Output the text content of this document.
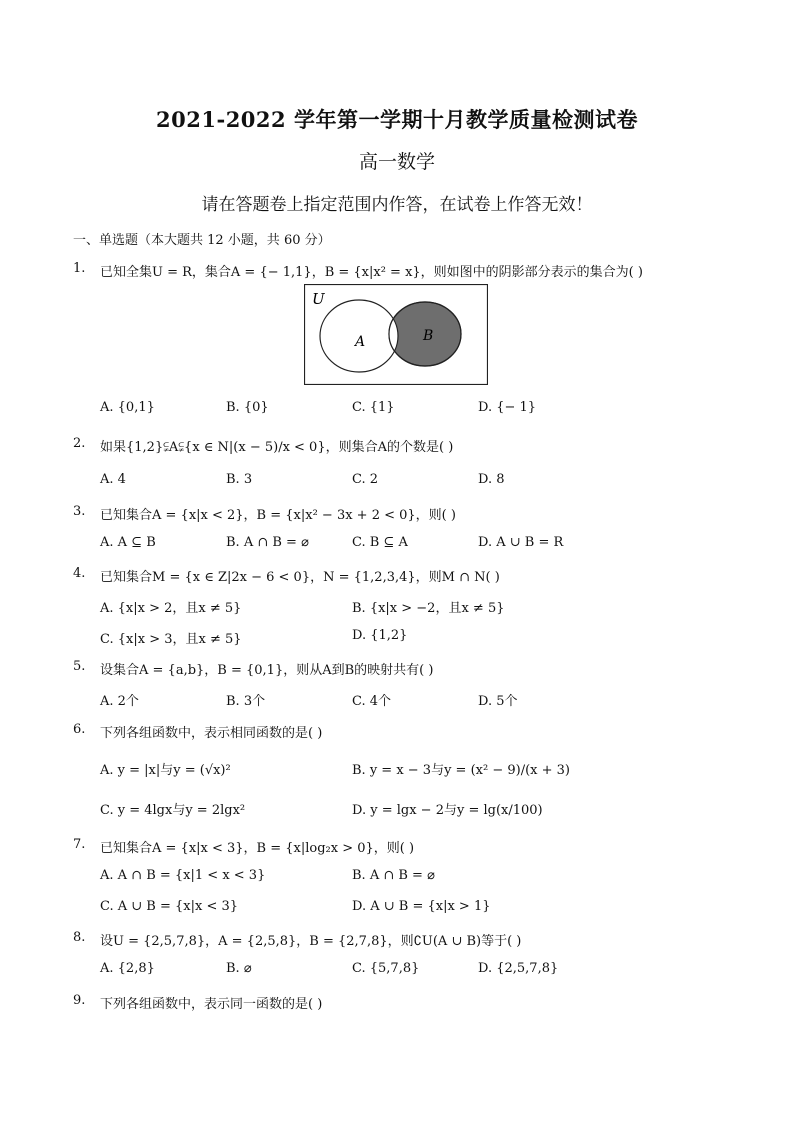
2021-2022 学年第一学期十月教学质量检测试卷
高一数学
请在答题卷上指定范围内作答，在试卷上作答无效！
一、单选题（本大题共 12 小题，共 60 分）
1. 已知全集U = R，集合A = {− 1,1}，B = {x|x² = x}，则如图中的阴影部分表示的集合为( )
U
A	B
A. {0,1}	B. {0}	C. {1}	D. {− 1}
2. 如果{1,2}⫋A⫋{x ∈ N|(x − 5)/x < 0}，则集合A的个数是( )
A. 4	B. 3	C. 2	D. 8
3. 已知集合A = {x|x < 2}，B = {x|x² − 3x + 2 < 0}，则( )
A. A ⊆ B	B. A ∩ B = ⌀	C. B ⊆ A	D. A ∪ B = R
4. 已知集合M = {x ∈ Z|2x − 6 < 0}，N = {1,2,3,4}，则M ∩ N( )
A. {x|x > 2，且x ≠ 5}	B. {x|x > −2，且x ≠ 5}
C. {x|x > 3，且x ≠ 5}	D. {1,2}
5. 设集合A = {a,b}，B = {0,1}，则从A到B的映射共有( )
A. 2个	B. 3个	C. 4个	D. 5个
6. 下列各组函数中，表示相同函数的是( )
A. y = |x|与y = (√x)²	B. y = x − 3与y = (x² − 9)/(x + 3)
C. y = 4lgx与y = 2lgx²	D. y = lgx − 2与y = lg(x/100)
7. 已知集合A = {x|x < 3}，B = {x|log₂x > 0}，则( )
A. A ∩ B = {x|1 < x < 3}	B. A ∩ B = ⌀
C. A ∪ B = {x|x < 3}	D. A ∪ B = {x|x > 1}
8. 设U = {2,5,7,8}，A = {2,5,8}，B = {2,7,8}，则∁U(A ∪ B)等于( )
A. {2,8}	B. ⌀	C. {5,7,8}	D. {2,5,7,8}
9. 下列各组函数中，表示同一函数的是( )
